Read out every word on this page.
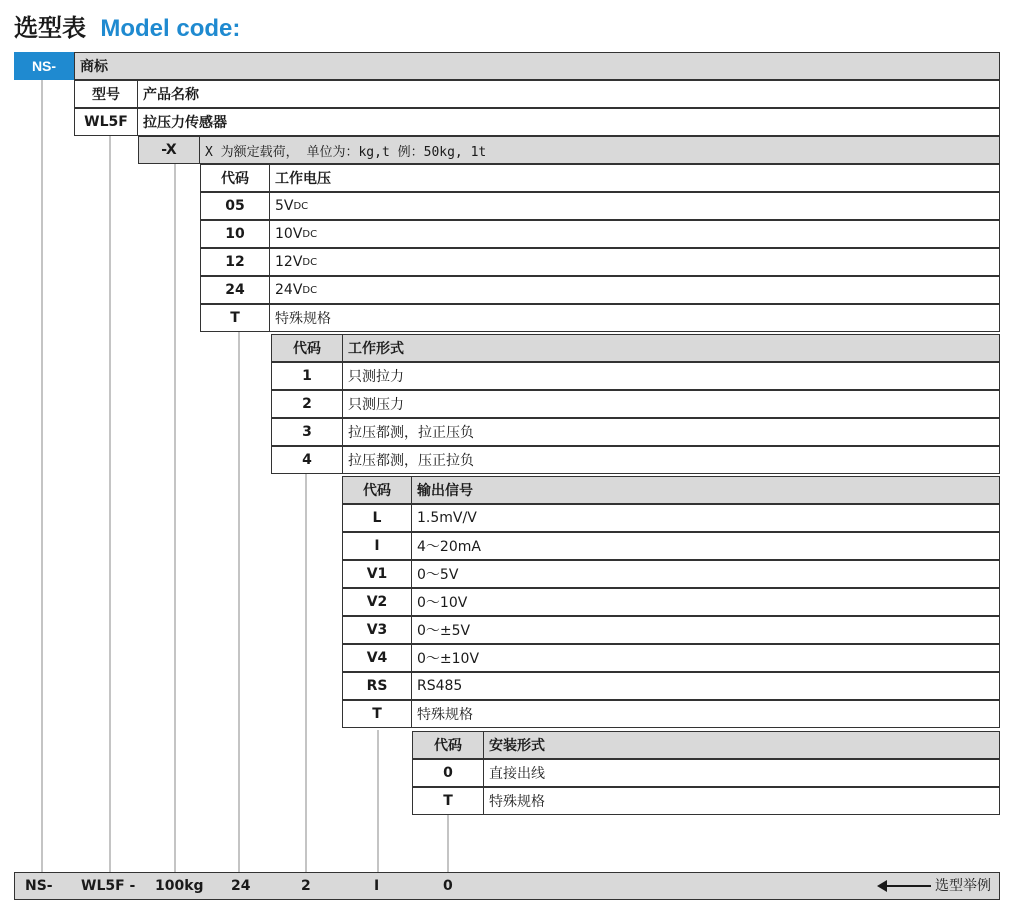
选型表 Model code:
NS-	商标
型号	产品名称
WL5F	拉压力传感器
-X	X 为额定载荷， 单位为：kg,t 例：50kg, 1t
代码	工作电压
05	5V DC
10	10V DC
12	12V DC
24	24V DC
T	特殊规格
代码	工作形式
1	只测拉力
2	只测压力
3	拉压都测，拉正压负
4	拉压都测，压正拉负
代码	输出信号
L	1.5mV/V
I	4～20mA
V1	0～5V
V2	0～10V
V3	0～±5V
V4	0～±10V
RS	RS485
T	特殊规格
代码	安装形式
0	直接出线
T	特殊规格
NS- WL5F - 100kg 24	2	I	0	选型举例
